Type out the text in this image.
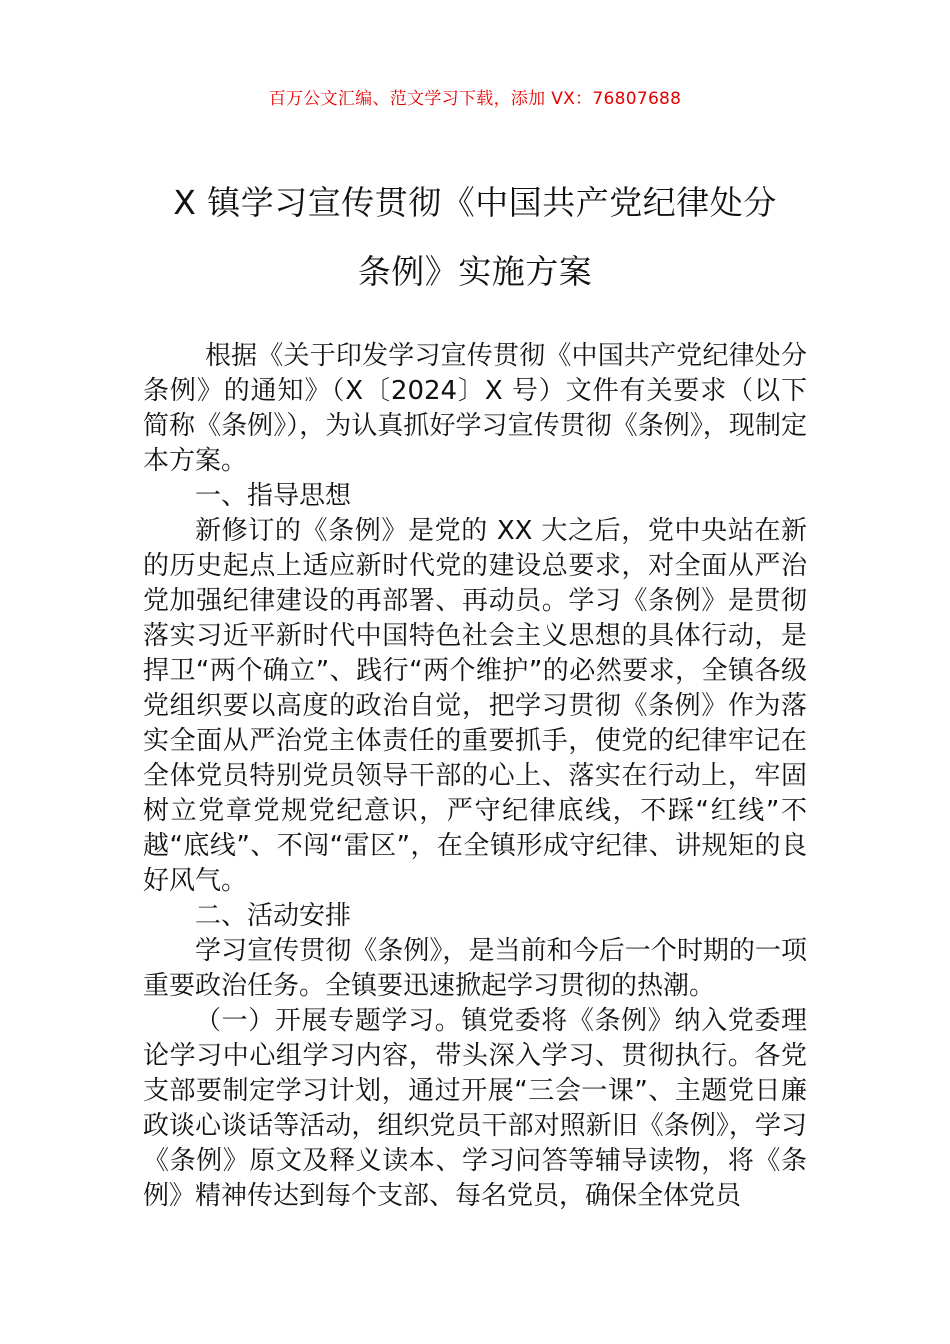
百万公文汇编、范文学习下载，添加 VX：76807688
X 镇学习宣传贯彻《中国共产党纪律处分
条例》实施方案

根据《关于印发学习宣传贯彻《中国共产党纪律处分条例》的通知》（X〔2024〕X 号）文件有关要求（以下简称《条例》），为认真抓好学习宣传贯彻《条例》，现制定本方案。

一、指导思想

新修订的《条例》是党的 XX 大之后，党中央站在新的历史起点上适应新时代党的建设总要求，对全面从严治党加强纪律建设的再部署、再动员。学习《条例》是贯彻落实习近平新时代中国特色社会主义思想的具体行动，是捍卫“两个确立”、践行“两个维护”的必然要求，全镇各级党组织要以高度的政治自觉，把学习贯彻《条例》作为落实全面从严治党主体责任的重要抓手，使党的纪律牢记在全体党员特别党员领导干部的心上、落实在行动上，牢固树立党章党规党纪意识，严守纪律底线，不踩“红线”不越“底线”、不闯“雷区”，在全镇形成守纪律、讲规矩的良好风气。

二、活动安排

学习宣传贯彻《条例》，是当前和今后一个时期的一项重要政治任务。全镇要迅速掀起学习贯彻的热潮。

（一）开展专题学习。镇党委将《条例》纳入党委理论学习中心组学习内容，带头深入学习、贯彻执行。各党支部要制定学习计划，通过开展“三会一课”、主题党日廉政谈心谈话等活动，组织党员干部对照新旧《条例》，学习《条例》原文及释义读本、学习问答等辅导读物，将《条例》精神传达到每个支部、每名党员，确保全体党员
